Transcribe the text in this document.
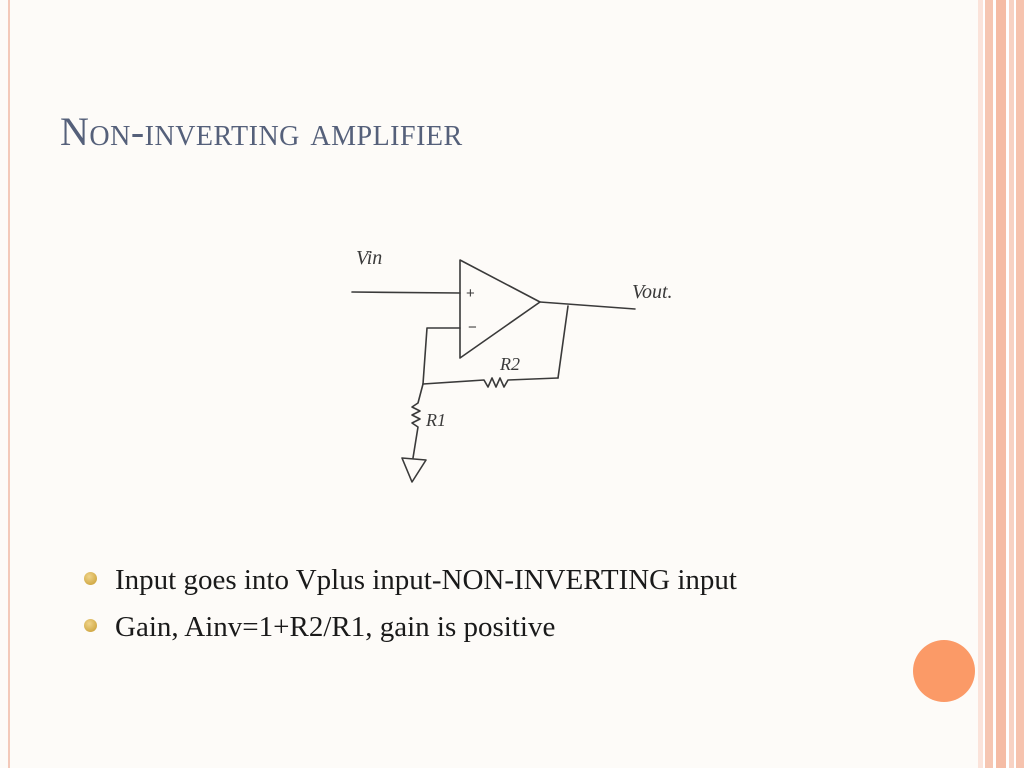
Non-inverting amplifier
Vin
Vout.
+
−
R2
R1
Input goes into Vplus input-NON-INVERTING input
Gain, Ainv=1+R2/R1, gain is positive
